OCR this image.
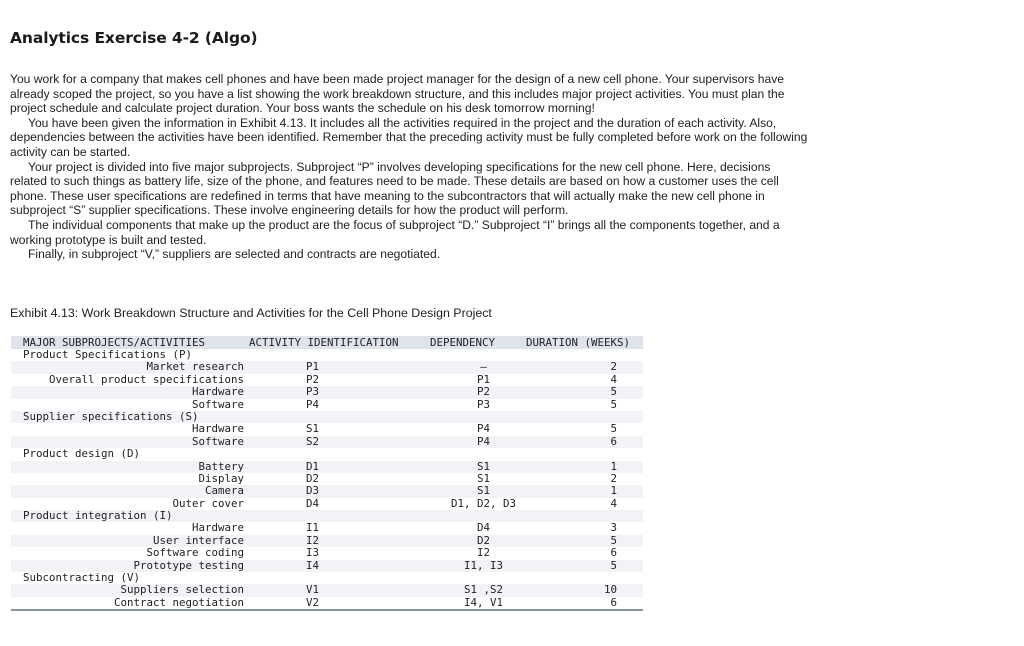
Analytics Exercise 4-2 (Algo)

You work for a company that makes cell phones and have been made project manager for the design of a new cell phone. Your supervisors have already scoped the project, so you have a list showing the work breakdown structure, and this includes major project activities. You must plan the project schedule and calculate project duration. Your boss wants the schedule on his desk tomorrow morning!

You have been given the information in Exhibit 4.13. It includes all the activities required in the project and the duration of each activity. Also, dependencies between the activities have been identified. Remember that the preceding activity must be fully completed before work on the following activity can be started.

Your project is divided into five major subprojects. Subproject “P” involves developing specifications for the new cell phone. Here, decisions related to such things as battery life, size of the phone, and features need to be made. These details are based on how a customer uses the cell phone. These user specifications are redefined in terms that have meaning to the subcontractors that will actually make the new cell phone in subproject “S” supplier specifications. These involve engineering details for how the product will perform.

The individual components that make up the product are the focus of subproject “D.” Subproject “I” brings all the components together, and a working prototype is built and tested.

Finally, in subproject “V,” suppliers are selected and contracts are negotiated.

Exhibit 4.13: Work Breakdown Structure and Activities for the Cell Phone Design Project
MAJOR SUBPROJECTS/ACTIVITIES	ACTIVITY IDENTIFICATION	DEPENDENCY	DURATION (WEEKS)
Product Specifications (P)
Market research	P1	—	2
Overall product specifications	P2	P1	4
Hardware	P3	P2	5
Software	P4	P3	5
Supplier specifications (S)
Hardware	S1	P4	5
Software	S2	P4	6
Product design (D)
Battery	D1	S1	1
Display	D2	S1	2
Camera	D3	S1	1
Outer cover	D4	D1, D2, D3	4
Product integration (I)
Hardware	I1	D4	3
User interface	I2	D2	5
Software coding	I3	I2	6
Prototype testing	I4	I1, I3	5
Subcontracting (V)
Suppliers selection	V1	S1 ,S2	10
Contract negotiation	V2	I4, V1	6
